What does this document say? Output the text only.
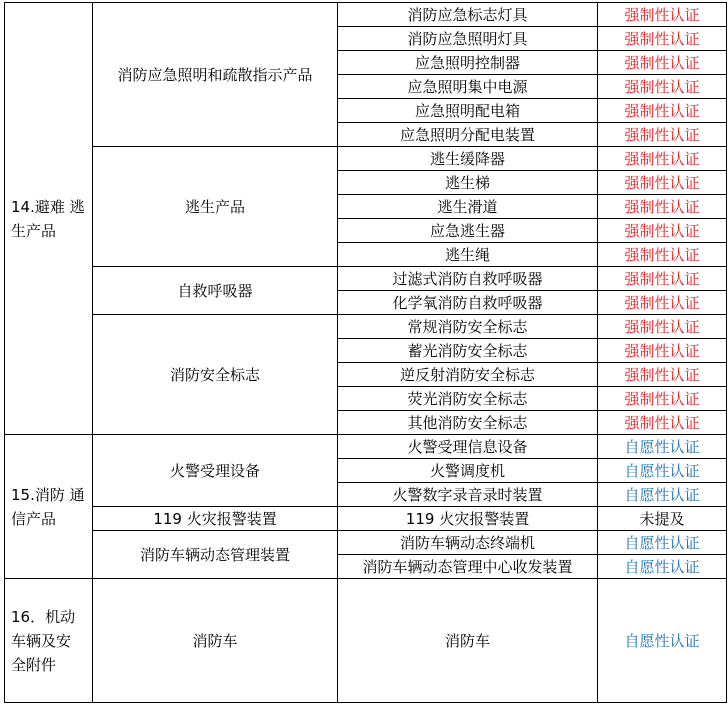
14.避难 逃生产品	消防应急照明和疏散指示产品	消防应急标志灯具	强制性认证
		消防应急照明灯具	强制性认证
		应急照明控制器	强制性认证
		应急照明集中电源	强制性认证
		应急照明配电箱	强制性认证
		应急照明分配电装置	强制性认证
	逃生产品	逃生缓降器	强制性认证
		逃生梯	强制性认证
		逃生滑道	强制性认证
		应急逃生器	强制性认证
		逃生绳	强制性认证
	自救呼吸器	过滤式消防自救呼吸器	强制性认证
		化学氧消防自救呼吸器	强制性认证
	消防安全标志	常规消防安全标志	强制性认证
		蓄光消防安全标志	强制性认证
		逆反射消防安全标志	强制性认证
		荧光消防安全标志	强制性认证
		其他消防安全标志	强制性认证
15.消防 通信产品	火警受理设备	火警受理信息设备	自愿性认证
		火警调度机	自愿性认证
		火警数字录音录时装置	自愿性认证
	119 火灾报警装置	119 火灾报警装置	未提及
	消防车辆动态管理装置	消防车辆动态终端机	自愿性认证
		消防车辆动态管理中心收发装置	自愿性认证
16．机动 车辆及安 全附件	消防车	消防车	自愿性认证
